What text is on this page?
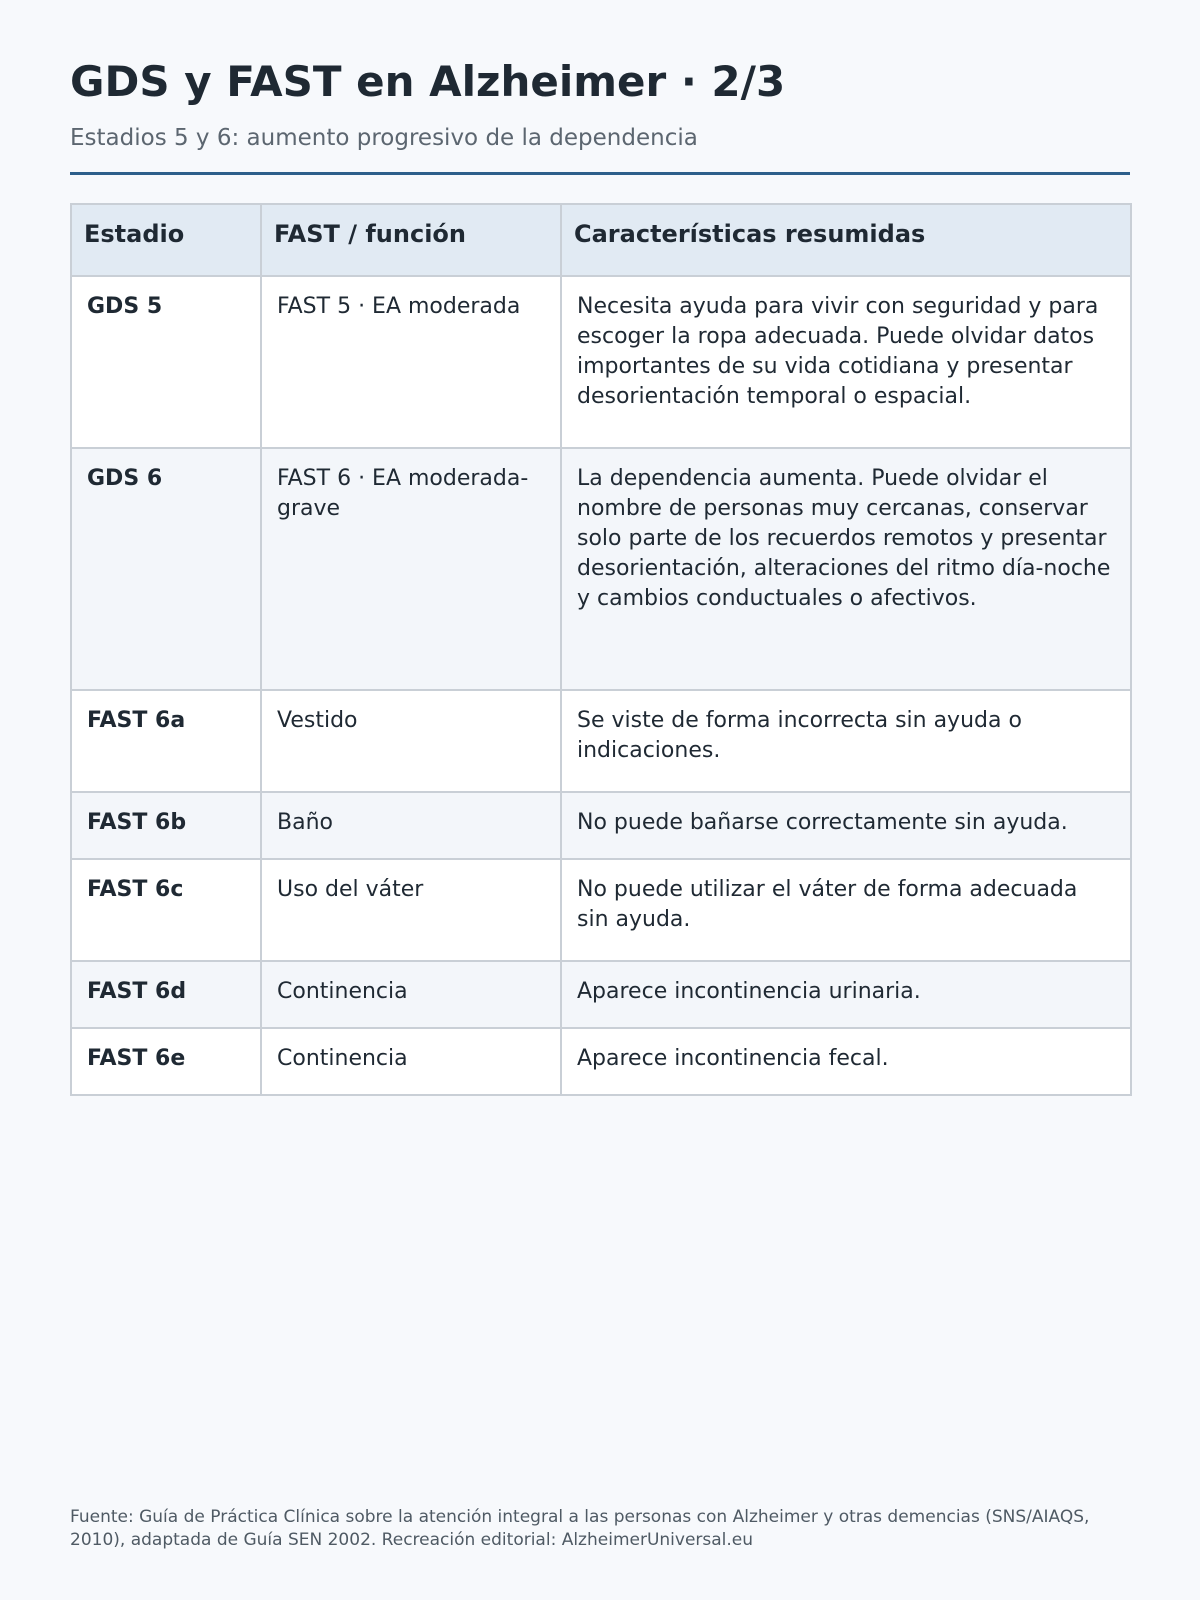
GDS y FAST en Alzheimer · 2/3

Estadios 5 y 6: aumento progresivo de la dependencia

Estadio	FAST / función	Características resumidas
GDS 5	FAST 5 · EA moderada	Necesita ayuda para vivir con seguridad y para escoger la ropa adecuada. Puede olvidar datos importantes de su vida cotidiana y presentar desorientación temporal o espacial.
GDS 6	FAST 6 · EA moderada-grave	La dependencia aumenta. Puede olvidar el nombre de personas muy cercanas, conservar solo parte de los recuerdos remotos y presentar desorientación, alteraciones del ritmo día-noche y cambios conductuales o afectivos.
FAST 6a	Vestido	Se viste de forma incorrecta sin ayuda o indicaciones.
FAST 6b	Baño	No puede bañarse correctamente sin ayuda.
FAST 6c	Uso del váter	No puede utilizar el váter de forma adecuada sin ayuda.
FAST 6d	Continencia	Aparece incontinencia urinaria.
FAST 6e	Continencia	Aparece incontinencia fecal.

Fuente: Guía de Práctica Clínica sobre la atención integral a las personas con Alzheimer y otras demencias (SNS/AIAQS, 2010), adaptada de Guía SEN 2002. Recreación editorial: AlzheimerUniversal.eu
